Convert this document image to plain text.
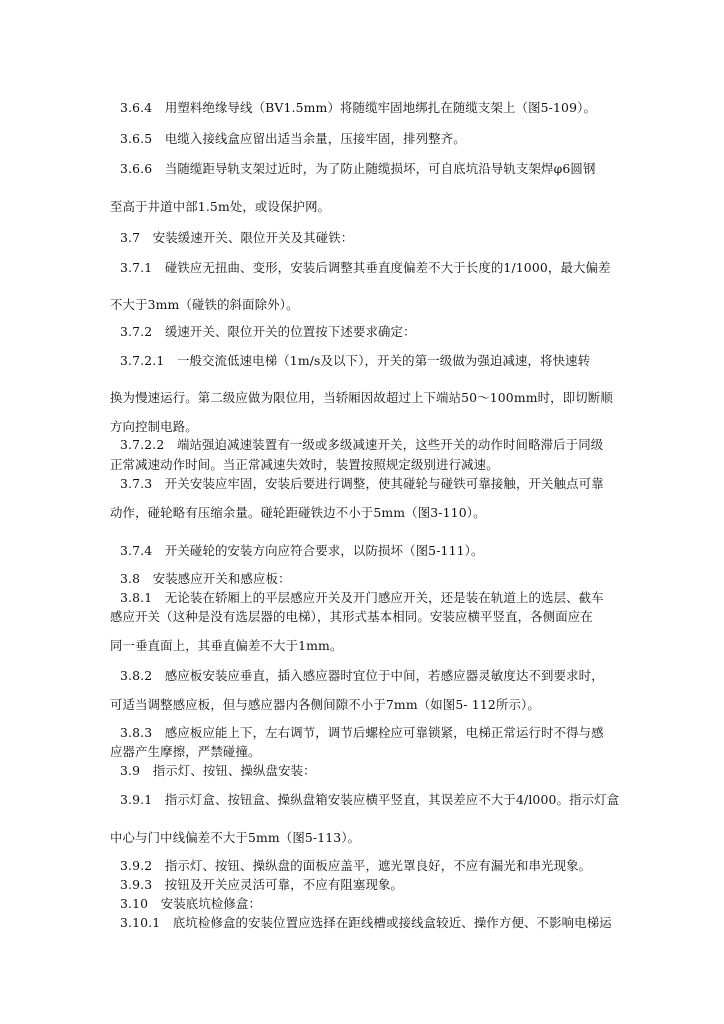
3.6.4　用塑料绝缘导线（BV1.5mm）将随缆牢固地绑扎在随缆支架上（图5-109）。
3.6.5　电缆入接线盒应留出适当余量，压接牢固，排列整齐。
3.6.6　当随缆距导轨支架过近时，为了防止随缆损坏，可自底坑沿导轨支架焊φ6圆钢
至高于井道中部1.5m处，或设保护网。
3.7　安装缓速开关、限位开关及其碰铁：
3.7.1　碰铁应无扭曲、变形，安装后调整其垂直度偏差不大于长度的1/1000，最大偏差
不大于3mm（碰铁的斜面除外）。
3.7.2　缓速开关、限位开关的位置按下述要求确定：
3.7.2.1　一般交流低速电梯（1m/s及以下），开关的第一级做为强迫减速，将快速转
换为慢速运行。第二级应做为限位用，当轿厢因故超过上下端站50～100mm时，即切断顺
方向控制电路。
3.7.2.2　端站强迫减速装置有一级或多级减速开关，这些开关的动作时间略滞后于同级
正常减速动作时间。当正常减速失效时，装置按照规定级别进行减速。
3.7.3　开关安装应牢固，安装后要进行调整，使其碰轮与碰铁可靠接触，开关触点可靠
动作，碰轮略有压缩余量。碰轮距碰铁边不小于5mm（图3-110）。
3.7.4　开关碰轮的安装方向应符合要求，以防损坏（图5-111）。
3.8　安装感应开关和感应板：
3.8.1　无论装在轿厢上的平层感应开关及开门感应开关，还是装在轨道上的选层、截车
感应开关（这种是没有选层器的电梯），其形式基本相同。安装应横平竖直，各侧面应在
同一垂直面上，其垂直偏差不大于1mm。
3.8.2　感应板安装应垂直，插入感应器时宜位于中间，若感应器灵敏度达不到要求时，
可适当调整感应板，但与感应器内各侧间隙不小于7mm（如图5- 112所示）。
3.8.3　感应板应能上下，左右调节，调节后螺栓应可靠锁紧，电梯正常运行时不得与感
应器产生摩擦，严禁碰撞。
3.9　指示灯、按钮、操纵盘安装：
3.9.1　指示灯盒、按钮盒、操纵盘箱安装应横平竖直，其误差应不大于4/l000。指示灯盒
中心与门中线偏差不大于5mm（图5-113）。
3.9.2　指示灯、按钮、操纵盘的面板应盖平，遮光罩良好，不应有漏光和串光现象。
3.9.3　按钮及开关应灵活可靠，不应有阻塞现象。
3.10　安装底坑检修盒：
3.10.1　底坑检修盒的安装位置应选择在距线槽或接线盒较近、操作方便、不影响电梯运
